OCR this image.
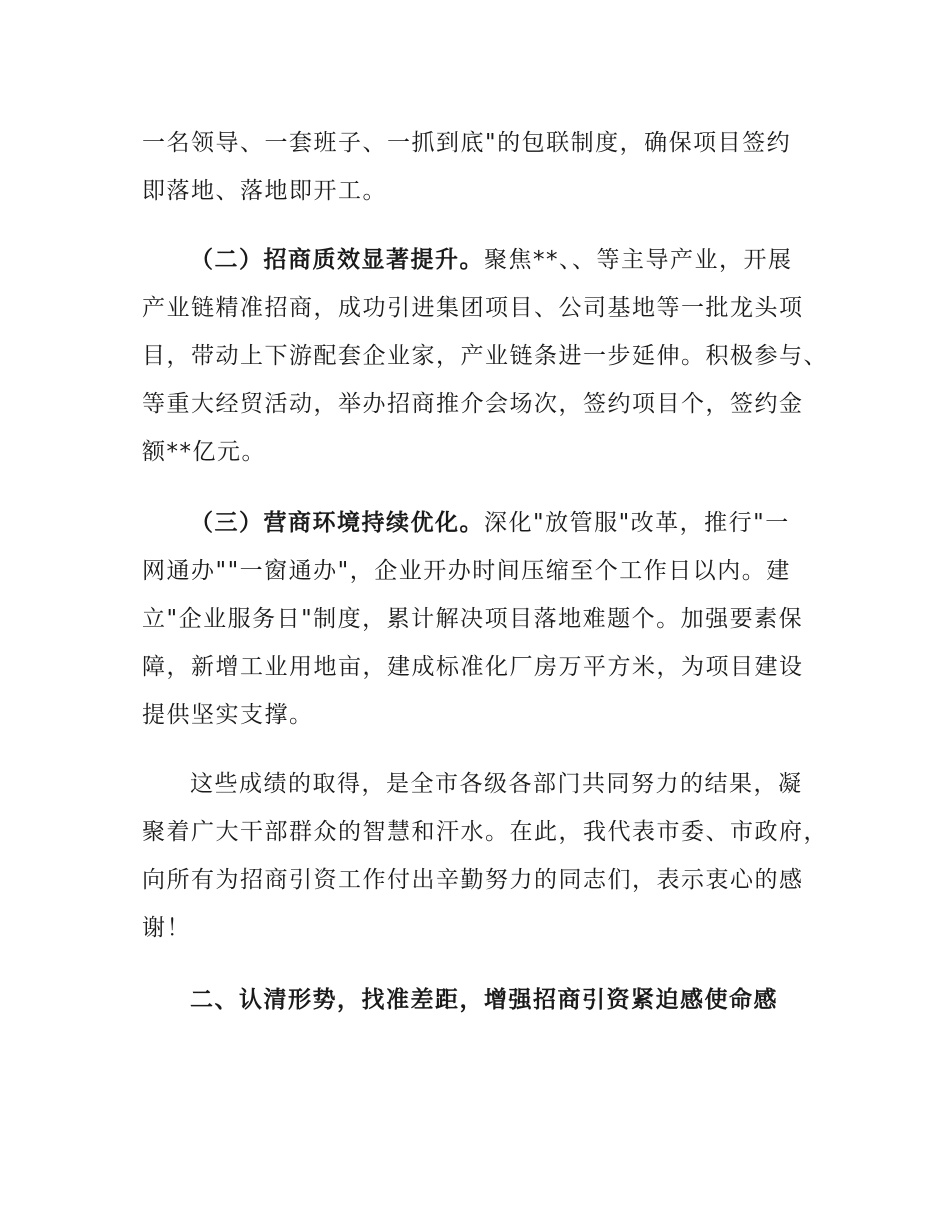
一名领导、一套班子、一抓到底"的包联制度，确保项目签约
即落地、落地即开工。
（二）招商质效显著提升。聚焦**、、等主导产业，开展
产业链精准招商，成功引进集团项目、公司基地等一批龙头项
目，带动上下游配套企业家，产业链条进一步延伸。积极参与、
等重大经贸活动，举办招商推介会场次，签约项目个，签约金
额**亿元。
（三）营商环境持续优化。深化"放管服"改革，推行"一
网通办""一窗通办"，企业开办时间压缩至个工作日以内。建
立"企业服务日"制度，累计解决项目落地难题个。加强要素保
障，新增工业用地亩，建成标准化厂房万平方米，为项目建设
提供坚实支撑。
这些成绩的取得，是全市各级各部门共同努力的结果，凝
聚着广大干部群众的智慧和汗水。在此，我代表市委、市政府，
向所有为招商引资工作付出辛勤努力的同志们，表示衷心的感
谢！
二、认清形势，找准差距，增强招商引资紧迫感使命感
